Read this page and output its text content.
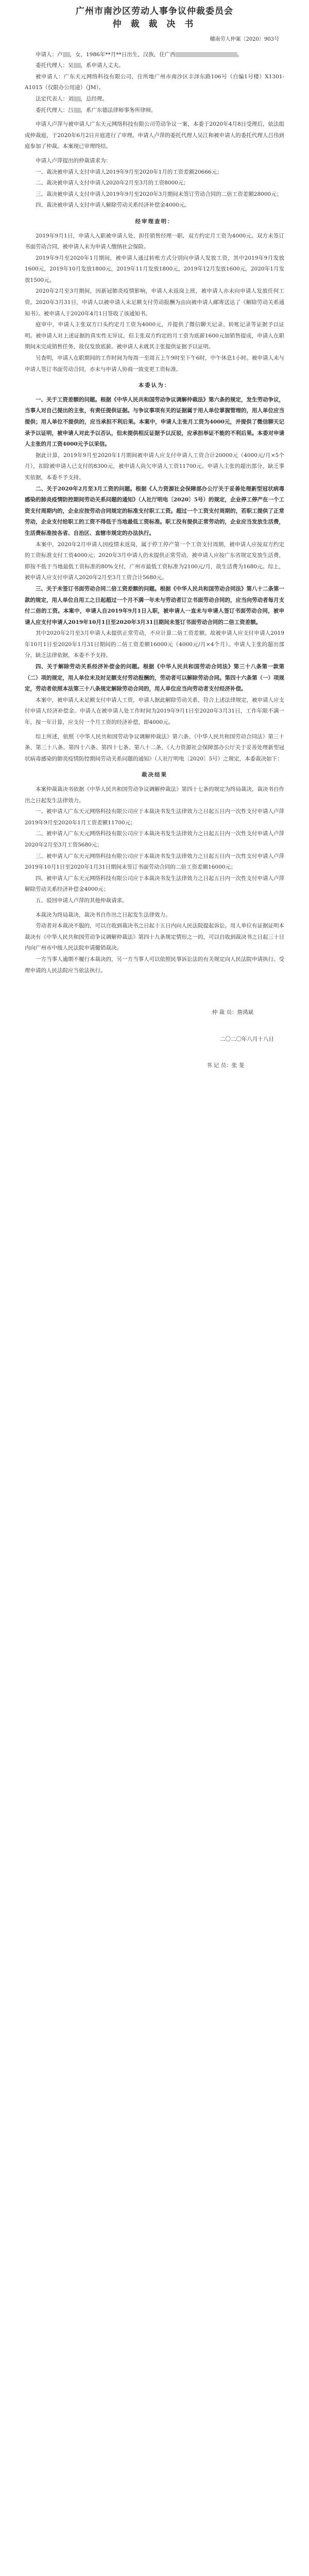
广州市南沙区劳动人事争议仲裁委员会
仲 裁 裁 决 书
穗南劳人仲案〔2020〕903号

申请人：卢 ，女，1986年**月**日出生，汉族，住广西	。

委托代理人：吴 ，系申请人丈夫。

被申请人：广东天元网络科技有限公司，住所地广州市南沙区丰泽东路106号（自编1号楼）X1301-A1015（仅限办公用途）（JM）。

法定代表人：刘 ，总经理。

委托代理人：吕 ，系广东德法律师事务所律师。

申请人卢萍与被申请人广东天元网络科技有限公司劳动争议一案，本委于2020年4月8日受理后，依法组成仲裁庭，于2020年6月2日开庭进行了审理。申请人卢萍的委托代理人吴江和被申请人的委托代理人吕伟到庭参加了仲裁。本案现已审理终结。

申请人卢萍提出的仲裁请求为：

一、裁决被申请人支付申请人2019年9月至2020年1月的工资差额20666元；

二、裁决被申请人支付申请人2020年2月至3月的工资8000元；

三、裁决被申请人支付申请人2019年9月至2020年3月期间未签订劳动合同的二倍工资差额28000元；

四、裁决被申请人支付申请人解除劳动关系经济补偿金4000元。

经审理查明：

2019年9月1日，申请人入职被申请人处，担任销售经理一职，双方约定月工资为4000元。双方未签订书面劳动合同，被申请人未为申请人缴纳社会保险。

2019年9月至2020年1月期间，被申请人通过转账方式分别向申请人发放工资，其中2019年9月发放1600元，2019年10月发放1800元，2019年11月发放1800元，2019年12月发放1600元，2020年1月发放1500元。

2020年2月至3月期间，因新冠肺炎疫情影响，申请人未返岗上班，被申请人亦未向申请人发放任何工资。2020年3月31日，申请人以被申请人未足额支付劳动报酬为由向被申请人邮寄送达了《解除劳动关系通知书》。被申请人于2020年4月1日签收了该通知书。

庭审中，申请人主张双方口头约定月工资为4000元，并提供了微信聊天记录、转账记录等证据予以证明。被申请人对上述证据的真实性无异议，但主张双方约定的月工资为底薪1600元加销售提成，申请人在职期间未完成销售任务，故仅发放底薪。被申请人未就其主张提供证据予以证明。

另查明，申请人在职期间的工作时间为每周一至周五上午9时至下午6时，中午休息1小时。被申请人未与申请人签订书面劳动合同，亦未与申请人协商一致变更工资标准。

本委认为：

一、关于工资差额的问题。根据《中华人民共和国劳动争议调解仲裁法》第六条的规定，发生劳动争议，当事人对自己提出的主张，有责任提供证据。与争议事项有关的证据属于用人单位掌握管理的，用人单位应当提供；用人单位不提供的，应当承担不利后果。本案中，申请人主张月工资为4000元，并提供了微信聊天记录予以证明，被申请人对此予以否认，但未提供相反证据予以反驳，应承担举证不能的不利后果。本委对申请人主张的月工资4000元予以采信。

据此计算，2019年9月至2020年1月期间被申请人应支付申请人工资合计20000元（4000元/月×5个月），扣除被申请人已支付的8300元，被申请人尚欠申请人工资11700元。申请人主张的超出部分，缺乏事实依据，本委不予支持。

二、关于2020年2月至3月工资的问题。根据《人力资源社会保障部办公厅关于妥善处理新型冠状病毒感染的肺炎疫情防控期间劳动关系问题的通知》（人社厅明电〔2020〕5号）的规定，企业停工停产在一个工资支付周期内的，企业应按劳动合同规定的标准支付职工工资。超过一个工资支付周期的，若职工提供了正常劳动，企业支付给职工的工资不得低于当地最低工资标准。职工没有提供正常劳动的，企业应当发放生活费，生活费标准按各省、自治区、直辖市规定的办法执行。

本案中，2020年2月申请人因疫情未返岗，属于停工停产第一个工资支付周期，被申请人应按双方约定的工资标准支付工资4000元；2020年3月申请人仍未提供正常劳动，被申请人应按广东省规定发放生活费，即按不低于当地最低工资标准的80%支付，广州市最低工资标准为2100元/月，故生活费为1680元。综上，被申请人应支付申请人2020年2月至3月工资合计5680元。

三、关于未签订书面劳动合同二倍工资差额的问题。根据《中华人民共和国劳动合同法》第八十二条第一款的规定，用人单位自用工之日起超过一个月不满一年未与劳动者订立书面劳动合同的，应当向劳动者每月支付二倍的工资。本案中，申请人自2019年9月1日入职，被申请人一直未与申请人签订书面劳动合同，被申请人应支付申请人2019年10月1日至2020年3月31日期间未签订书面劳动合同的二倍工资差额。

其中2020年2月至3月申请人未提供正常劳动，不应计算二倍工资差额。故被申请人应支付申请人2019年10月1日至2020年1月31日期间的二倍工资差额16000元（4000元/月×4个月）。申请人主张的超出部分，缺乏法律依据，本委不予支持。

四、关于解除劳动关系经济补偿金的问题。根据《中华人民共和国劳动合同法》第三十八条第一款第（二）项的规定，用人单位未及时足额支付劳动报酬的，劳动者可以解除劳动合同。第四十六条第（一）项规定，劳动者依照本法第三十八条规定解除劳动合同的，用人单位应当向劳动者支付经济补偿。

本案中，被申请人未足额支付申请人工资，申请人据此解除劳动关系，符合上述法律规定，被申请人应支付申请人经济补偿金。申请人在被申请人处工作时间为2019年9月1日至2020年3月31日，工作年限不满一年，按一年计算，应支付一个月工资的经济补偿，即4000元。

综上所述，依照《中华人民共和国劳动争议调解仲裁法》第六条、《中华人民共和国劳动合同法》第三十条、第三十八条、第四十六条、第四十七条、第八十二条，《人力资源社会保障部办公厅关于妥善处理新型冠状病毒感染的肺炎疫情防控期间劳动关系问题的通知》（人社厅明电〔2020〕5号）之规定，本委裁决如下：

裁决结果

本案仲裁裁决书依据《中华人民共和国劳动争议调解仲裁法》第四十七条的规定为终局裁决，裁决书自作出之日起发生法律效力。

一、被申请人广东天元网络科技有限公司应于本裁决书发生法律效力之日起五日内一次性支付申请人卢萍2019年9月至2020年1月工资差额11700元；

二、被申请人广东天元网络科技有限公司应于本裁决书发生法律效力之日起五日内一次性支付申请人卢萍2020年2月至3月工资5680元；

三、被申请人广东天元网络科技有限公司应于本裁决书发生法律效力之日起五日内一次性支付申请人卢萍2019年10月1日至2020年1月31日期间未签订书面劳动合同的二倍工资差额16000元；

四、被申请人广东天元网络科技有限公司应于本裁决书发生法律效力之日起五日内一次性支付申请人卢萍解除劳动关系经济补偿金4000元；

五、驳回申请人卢萍的其他仲裁请求。

本裁决为终局裁决，裁决书自作出之日起发生法律效力。

劳动者对本裁决不服的，可以自收到裁决书之日起十五日内向人民法院提起诉讼。用人单位有证据证明本裁决有《中华人民共和国劳动争议调解仲裁法》第四十九条规定情形之一的，可以自收到裁决书之日起三十日内向广州市中级人民法院申请撤销裁决。

一方当事人逾期不履行本裁决的，另一方当事人可以依照民事诉讼法的有关规定向人民法院申请执行。受理申请的人民法院应当依法执行。

仲 裁 员：詹鸿斌
二〇二〇年八月十八日
书 记 员：张 斐
